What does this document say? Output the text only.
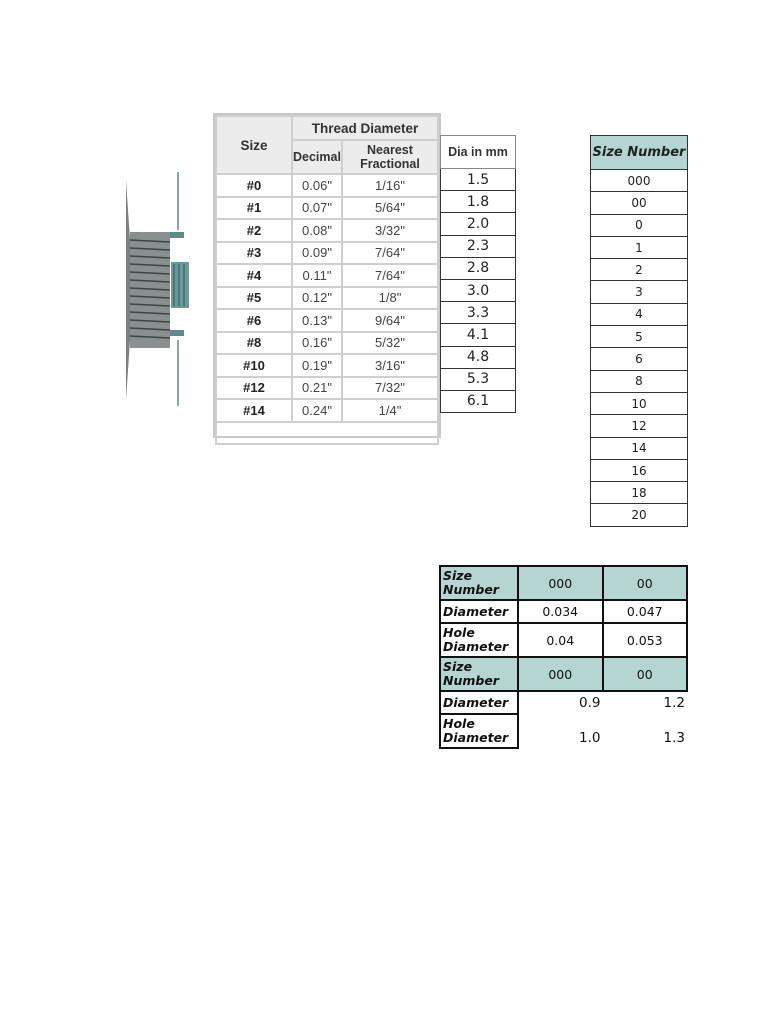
Size	Thread Diameter	
	Decimal	Nearest Fractional
#0	0.06"	1/16"
#1	0.07"	5/64"
#2	0.08"	3/32"
#3	0.09"	7/64"
#4	0.11"	7/64"
#5	0.12"	1/8"
#6	0.13"	9/64"
#8	0.16"	5/32"
#10	0.19"	3/16"
#12	0.21"	7/32"
#14	0.24"	1/4"

Dia in mm
1.5
1.8
2.0
2.3
2.8
3.0
3.3
4.1
4.8
5.3
6.1
Size Number
000
00
0
1
2
3
4
5
6
8
10
12
14
16
18
20
Size Number	000	00
Diameter	0.034	0.047
Hole Diameter	0.04	0.053
Size Number	000	00
Diameter	0.9	1.2
Hole Diameter	1.0	1.3
